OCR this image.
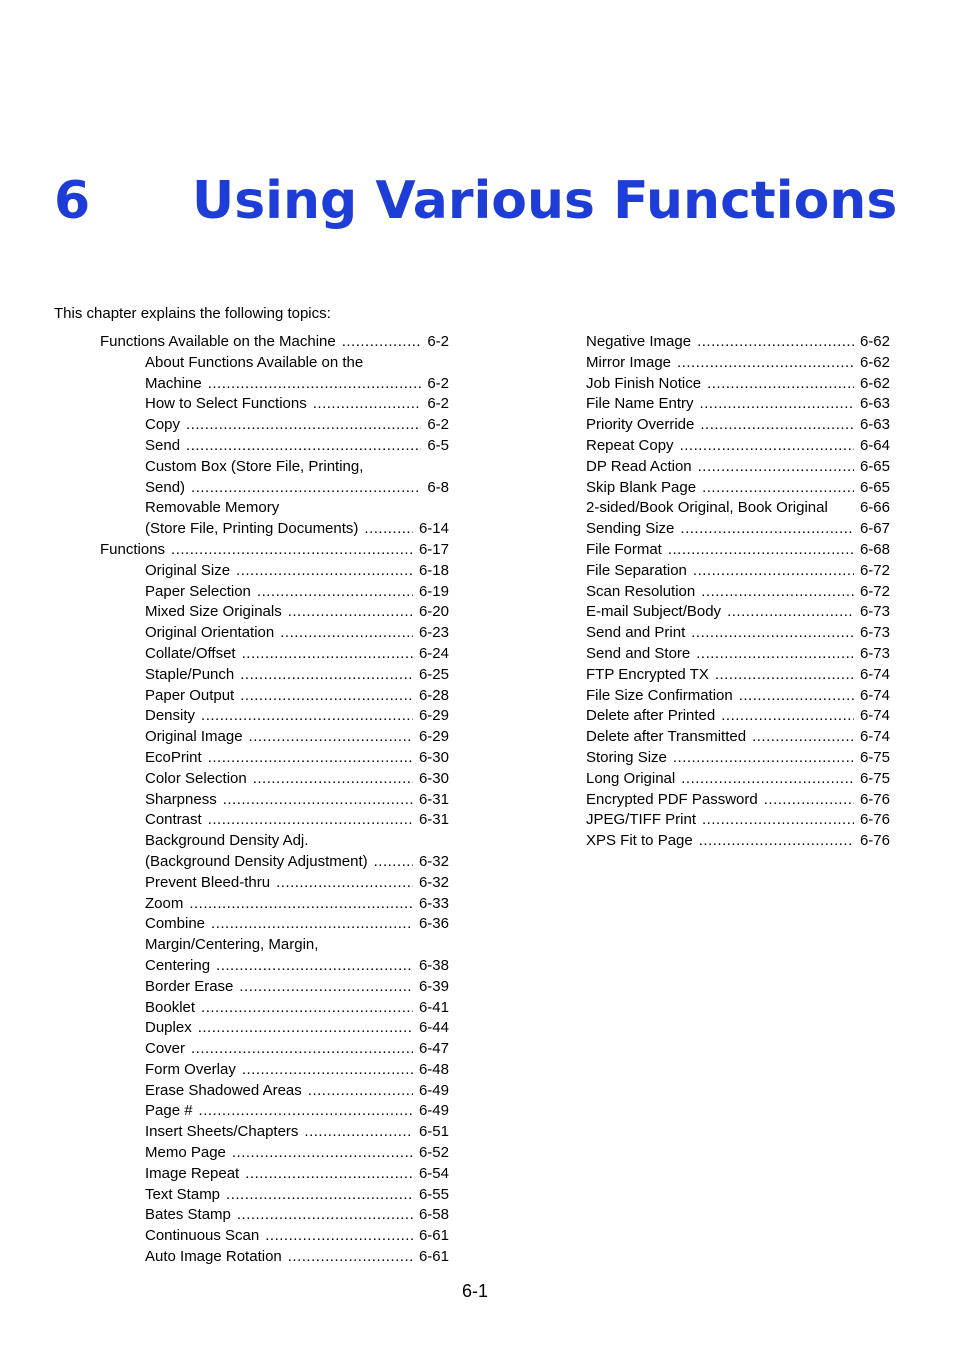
6 Using Various Functions
This chapter explains the following topics:
Functions Available on the Machine .....	6-2
About Functions Available on the
Machine .....	6-2
How to Select Functions .....	6-2
Copy .....	6-2
Send .....	6-5
Custom Box (Store File, Printing,
Send) .....	6-8
Removable Memory
(Store File, Printing Documents) .....	6-14
Functions .....	6-17
Original Size .....	6-18
Paper Selection .....	6-19
Mixed Size Originals .....	6-20
Original Orientation .....	6-23
Collate/Offset .....	6-24
Staple/Punch .....	6-25
Paper Output .....	6-28
Density .....	6-29
Original Image .....	6-29
EcoPrint .....	6-30
Color Selection .....	6-30
Sharpness .....	6-31
Contrast .....	6-31
Background Density Adj.
(Background Density Adjustment) .....	6-32
Prevent Bleed-thru .....	6-32
Zoom .....	6-33
Combine .....	6-36
Margin/Centering, Margin,
Centering .....	6-38
Border Erase .....	6-39
Booklet .....	6-41
Duplex .....	6-44
Cover .....	6-47
Form Overlay .....	6-48
Erase Shadowed Areas .....	6-49
Page # .....	6-49
Insert Sheets/Chapters .....	6-51
Memo Page .....	6-52
Image Repeat .....	6-54
Text Stamp .....	6-55
Bates Stamp .....	6-58
Continuous Scan .....	6-61
Auto Image Rotation .....	6-61
Negative Image .....	6-62
Mirror Image .....	6-62
Job Finish Notice .....	6-62
File Name Entry .....	6-63
Priority Override .....	6-63
Repeat Copy .....	6-64
DP Read Action .....	6-65
Skip Blank Page .....	6-65
2-sided/Book Original, Book Original 6-66
Sending Size .....	6-67
File Format .....	6-68
File Separation .....	6-72
Scan Resolution .....	6-72
E-mail Subject/Body .....	6-73
Send and Print .....	6-73
Send and Store .....	6-73
FTP Encrypted TX .....	6-74
File Size Confirmation .....	6-74
Delete after Printed .....	6-74
Delete after Transmitted .....	6-74
Storing Size .....	6-75
Long Original .....	6-75
Encrypted PDF Password .....	6-76
JPEG/TIFF Print .....	6-76
XPS Fit to Page .....	6-76
6-1
